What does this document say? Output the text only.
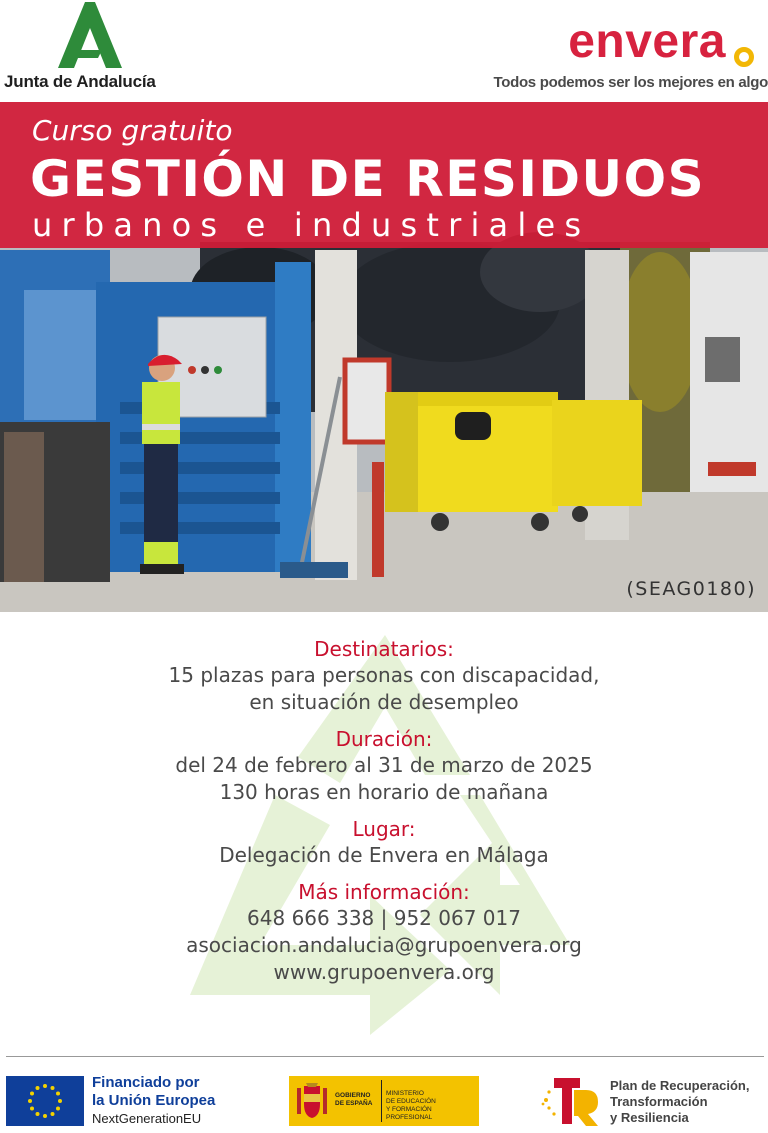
Junta de Andalucía
envera
Todos podemos ser los mejores en algo
Curso gratuito
GESTIÓN DE RESIDUOS
urbanos e industriales
(SEAG0180)
Destinatarios:
15 plazas para personas con discapacidad,
en situación de desempleo
Duración:
del 24 de febrero al 31 de marzo de 2025
130 horas en horario de mañana
Lugar:
Delegación de Envera en Málaga
Más información:
648 666 338 | 952 067 017
asociacion.andalucia@grupoenvera.org
www.grupoenvera.org
Financiado por
la Unión Europea
NextGenerationEU
GOBIERNO
DE ESPAÑA
MINISTERIO
DE EDUCACIÓN
Y FORMACIÓN PROFESIONAL
Plan de Recuperación,
Transformación
y Resiliencia
